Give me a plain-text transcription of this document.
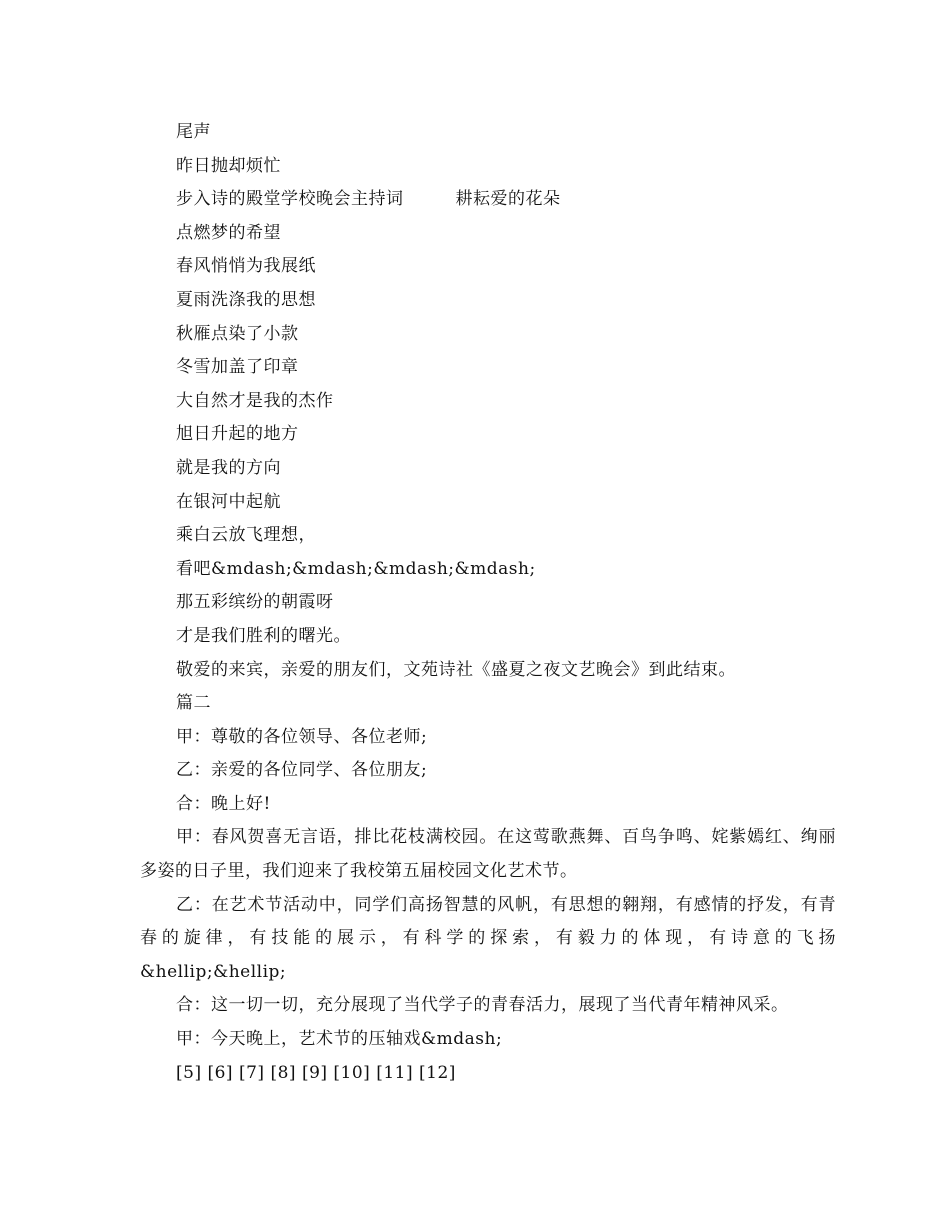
尾声
昨日抛却烦忙
步入诗的殿堂学校晚会主持词	耕耘爱的花朵
点燃梦的希望
春风悄悄为我展纸
夏雨洗涤我的思想
秋雁点染了小款
冬雪加盖了印章
大自然才是我的杰作
旭日升起的地方
就是我的方向
在银河中起航
乘白云放飞理想，
看吧&mdash;&mdash;&mdash;&mdash;
那五彩缤纷的朝霞呀
才是我们胜利的曙光。
敬爱的来宾，亲爱的朋友们，文苑诗社《盛夏之夜文艺晚会》到此结束。
篇二
甲：尊敬的各位领导、各位老师;
乙：亲爱的各位同学、各位朋友;
合：晚上好!
甲：春风贺喜无言语，排比花枝满校园。在这莺歌燕舞、百鸟争鸣、姹紫嫣红、绚丽多姿的日子里，我们迎来了我校第五届校园文化艺术节。
乙：在艺术节活动中，同学们高扬智慧的风帆，有思想的翱翔，有感情的抒发，有青春的旋律，有技能的展示，有科学的探索，有毅力的体现，有诗意的飞扬&hellip;&hellip;
合：这一切一切，充分展现了当代学子的青春活力，展现了当代青年精神风采。
甲：今天晚上，艺术节的压轴戏&mdash;
[5] [6] [7] [8] [9] [10] [11] [12]
